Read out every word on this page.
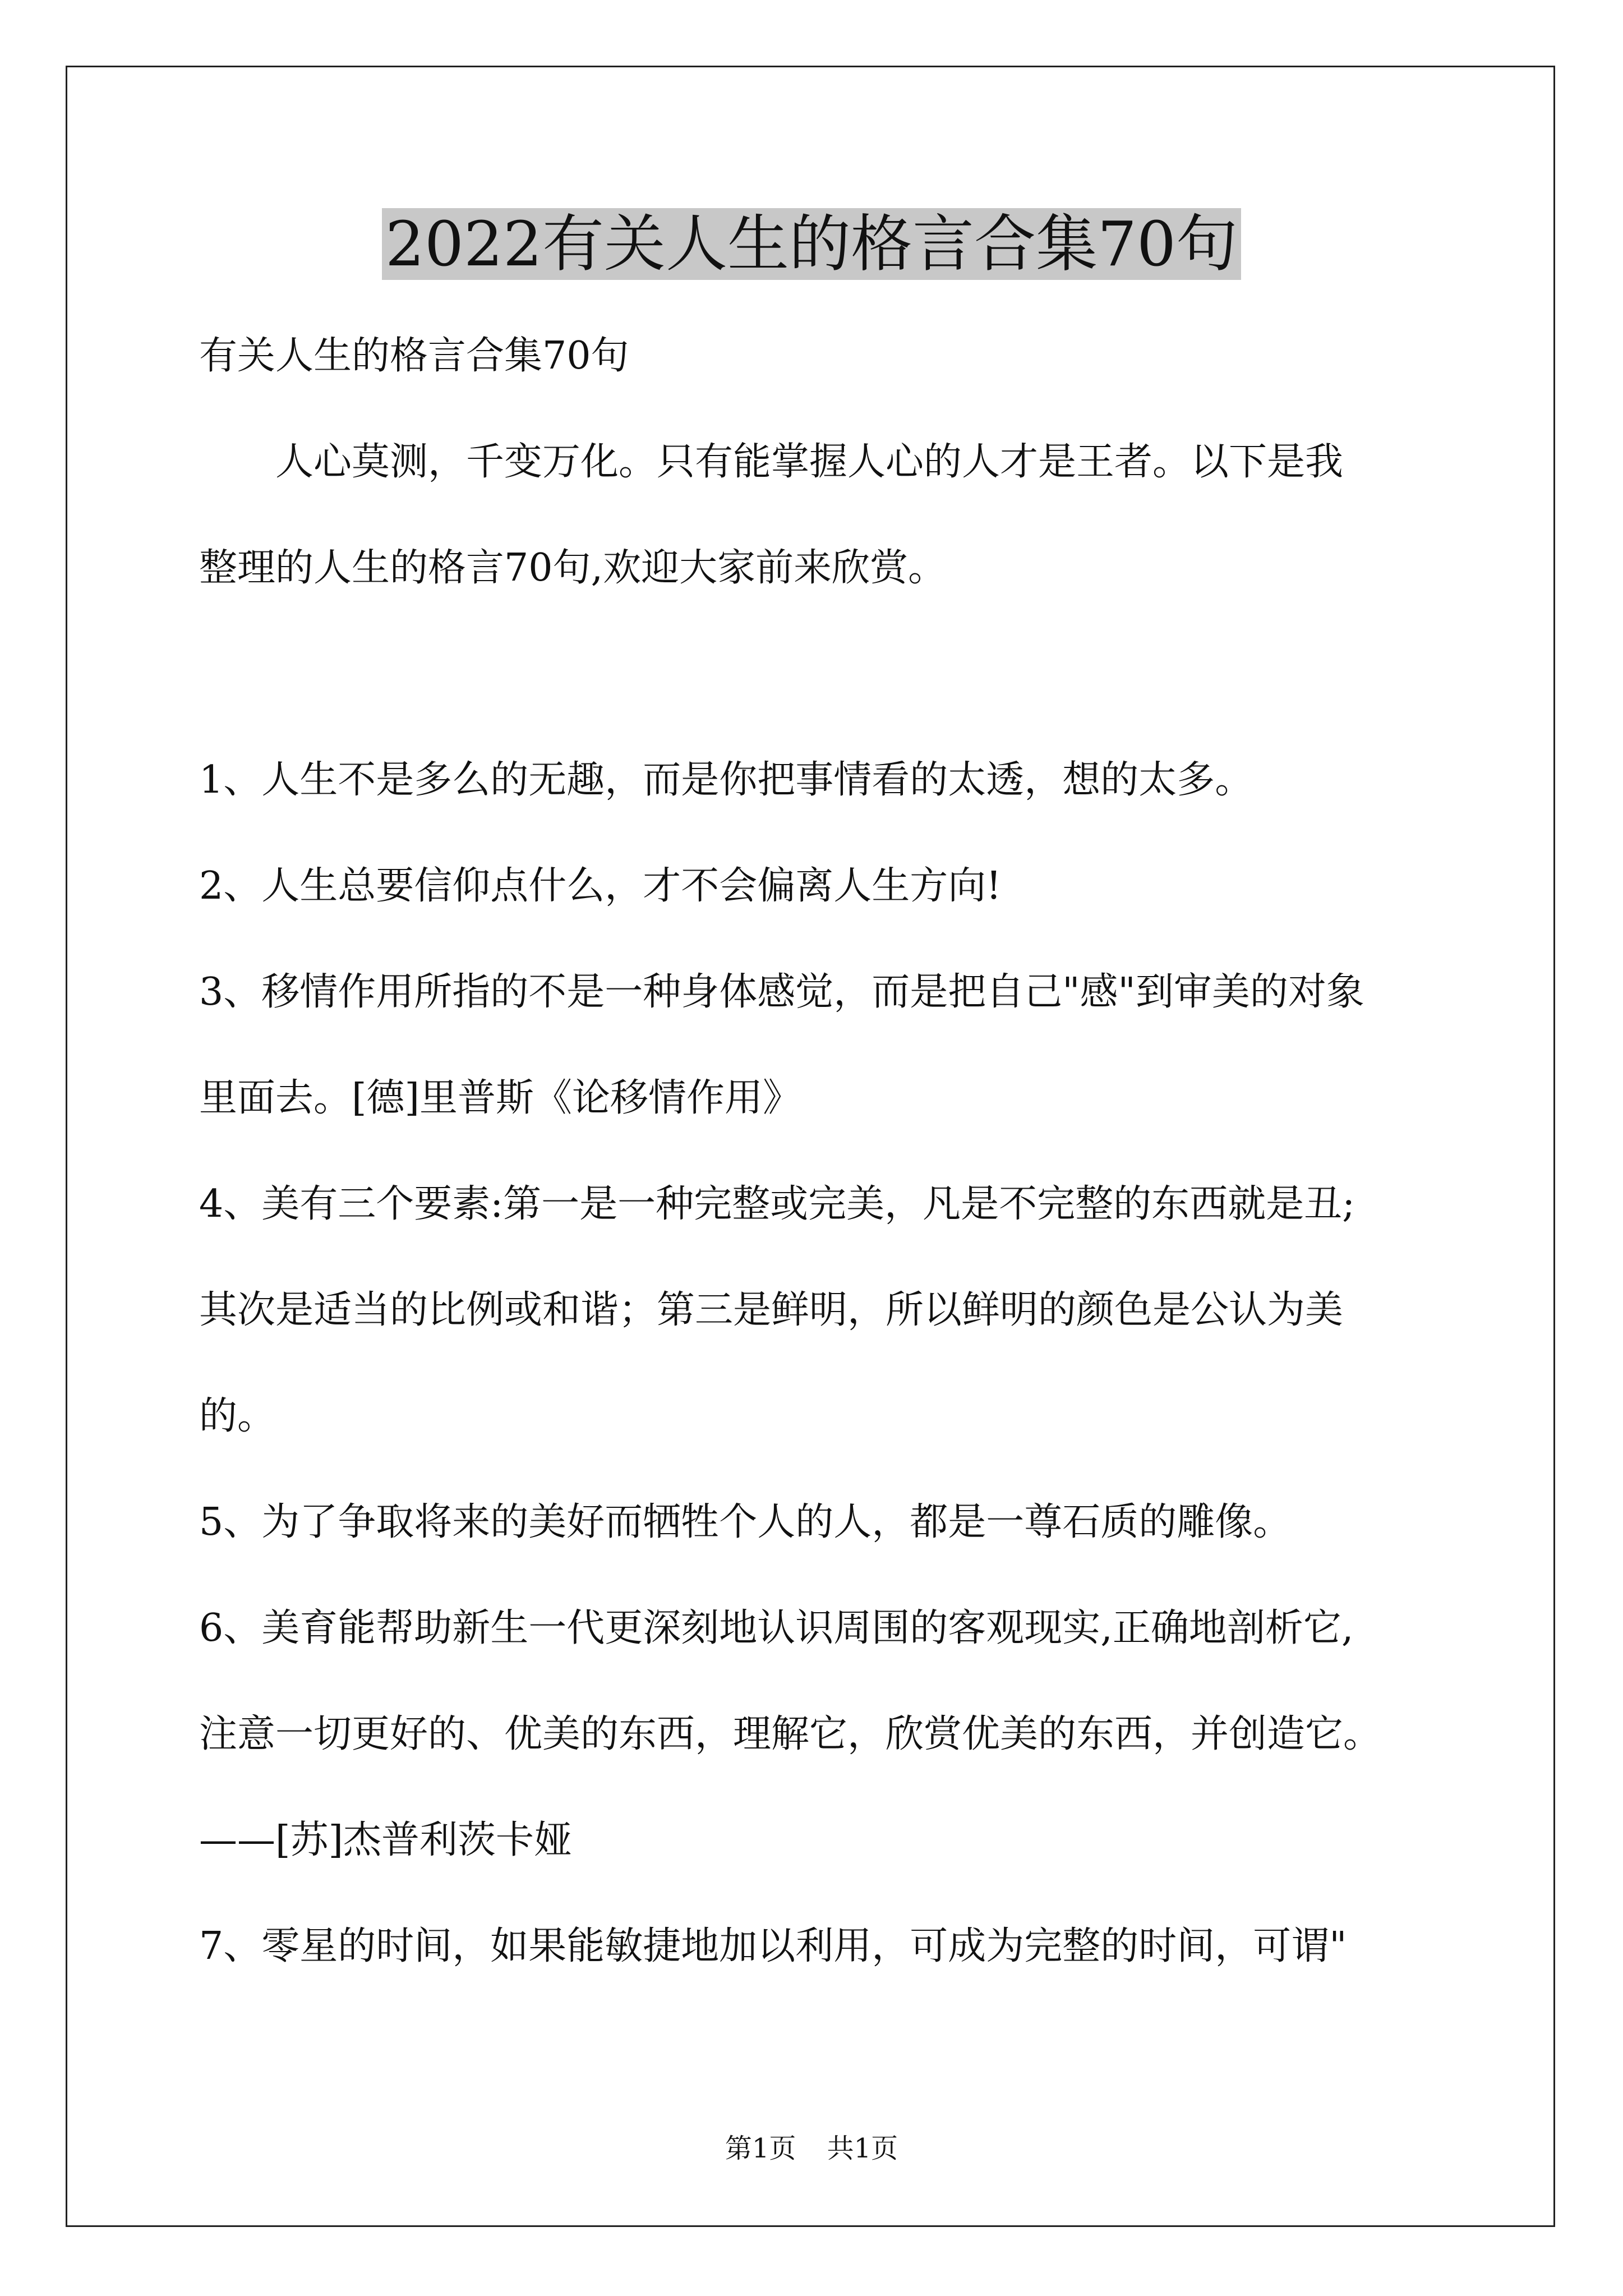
2022有关人生的格言合集70句

有关人生的格言合集70句

人心莫测，千变万化。只有能掌握人心的人才是王者。以下是我

整理的人生的格言70句,欢迎大家前来欣赏。

1、人生不是多么的无趣，而是你把事情看的太透，想的太多。

2、人生总要信仰点什么，才不会偏离人生方向!

3、移情作用所指的不是一种身体感觉，而是把自己"感"到审美的对象

里面去。[德]里普斯《论移情作用》

4、美有三个要素:第一是一种完整或完美，凡是不完整的东西就是丑;

其次是适当的比例或和谐；第三是鲜明，所以鲜明的颜色是公认为美

的。

5、为了争取将来的美好而牺牲个人的人，都是一尊石质的雕像。

6、美育能帮助新生一代更深刻地认识周围的客观现实,正确地剖析它,

注意一切更好的、优美的东西，理解它，欣赏优美的东西，并创造它。

——[苏]杰普利茨卡娅

7、零星的时间，如果能敏捷地加以利用，可成为完整的时间，可谓"

第1页 共1页
